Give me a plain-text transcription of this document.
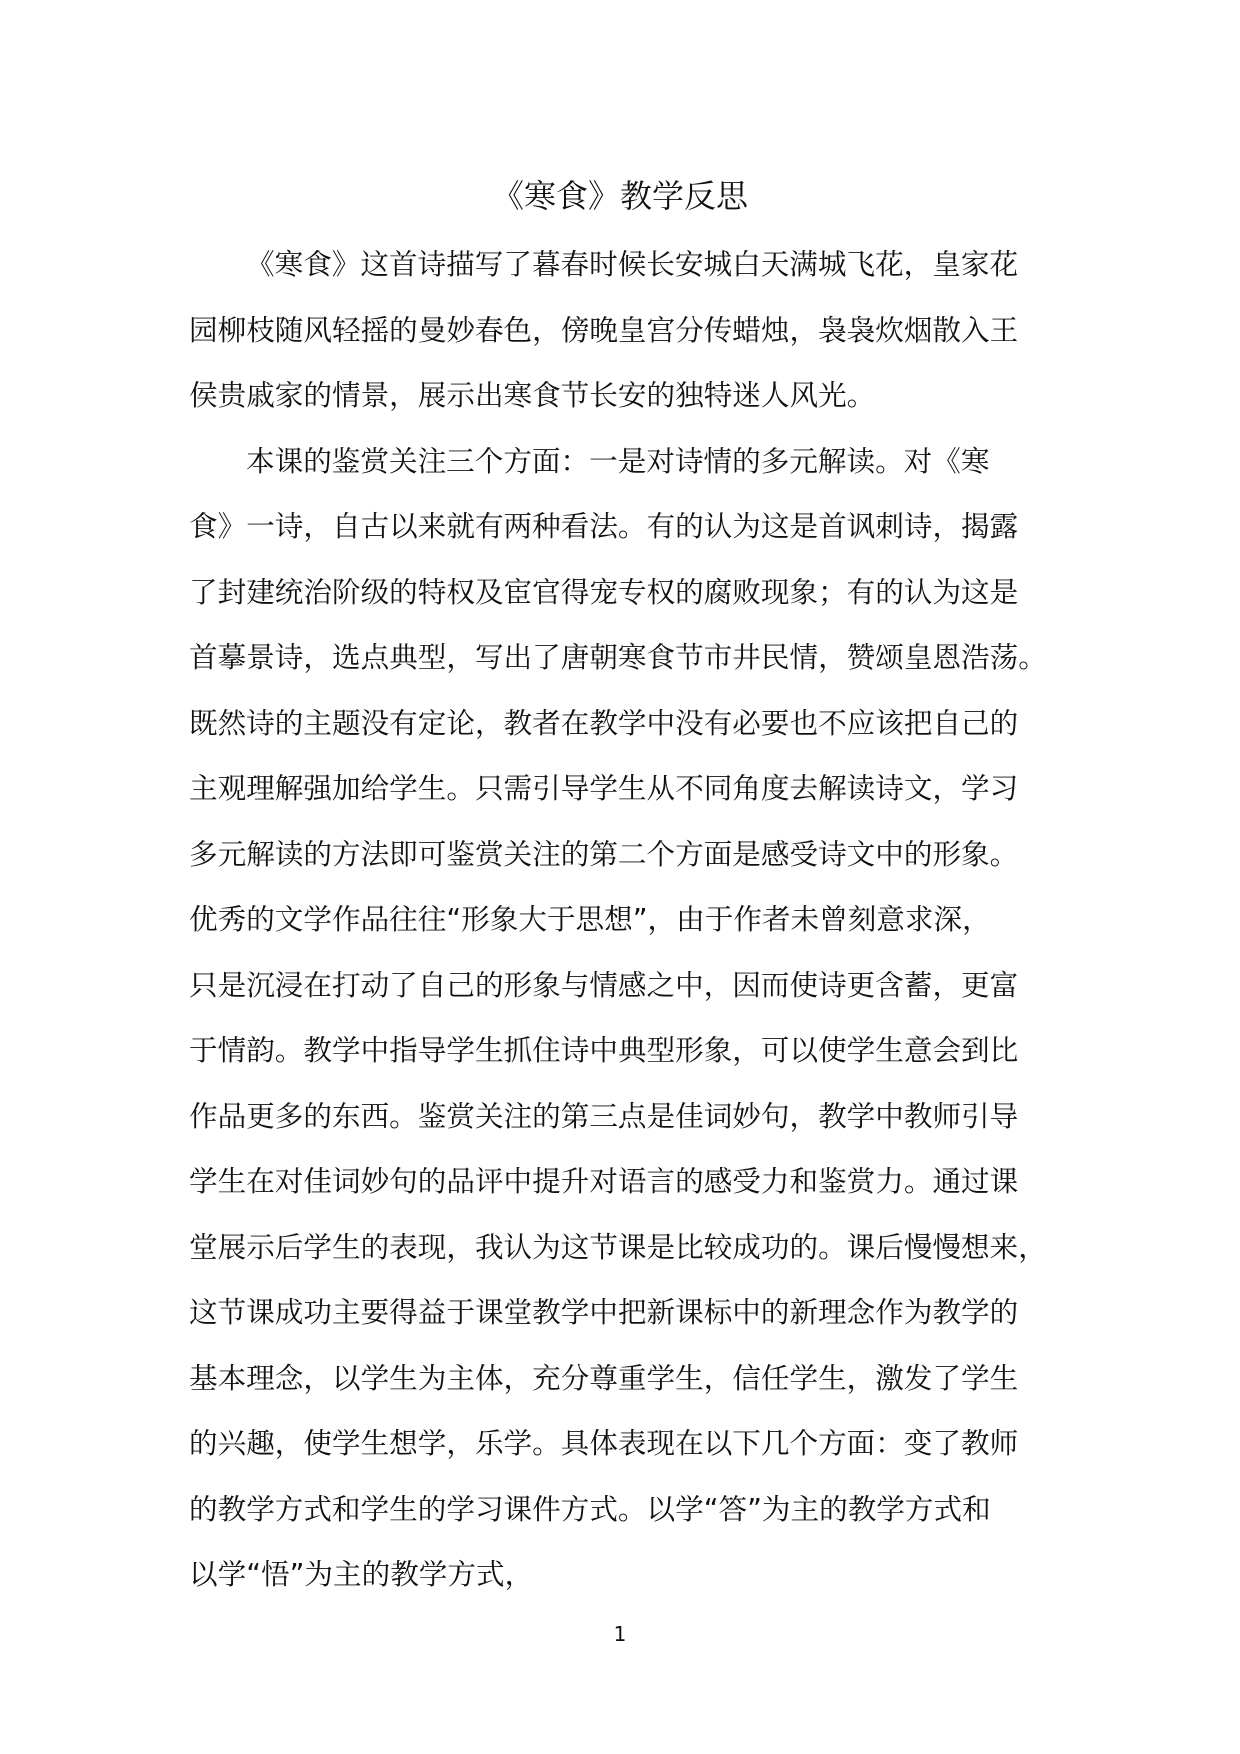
《寒食》教学反思
《寒食》这首诗描写了暮春时候长安城白天满城飞花，皇家花
园柳枝随风轻摇的曼妙春色，傍晚皇宫分传蜡烛，袅袅炊烟散入王
侯贵戚家的情景，展示出寒食节长安的独特迷人风光。
本课的鉴赏关注三个方面：一是对诗情的多元解读。对《寒
食》一诗，自古以来就有两种看法。有的认为这是首讽刺诗，揭露
了封建统治阶级的特权及宦官得宠专权的腐败现象；有的认为这是
首摹景诗，选点典型，写出了唐朝寒食节市井民情，赞颂皇恩浩荡。
既然诗的主题没有定论，教者在教学中没有必要也不应该把自己的
主观理解强加给学生。只需引导学生从不同角度去解读诗文，学习
多元解读的方法即可鉴赏关注的第二个方面是感受诗文中的形象。
优秀的文学作品往往“形象大于思想”，由于作者未曾刻意求深，
只是沉浸在打动了自己的形象与情感之中，因而使诗更含蓄，更富
于情韵。教学中指导学生抓住诗中典型形象，可以使学生意会到比
作品更多的东西。鉴赏关注的第三点是佳词妙句，教学中教师引导
学生在对佳词妙句的品评中提升对语言的感受力和鉴赏力。通过课
堂展示后学生的表现，我认为这节课是比较成功的。课后慢慢想来，
这节课成功主要得益于课堂教学中把新课标中的新理念作为教学的
基本理念，以学生为主体，充分尊重学生，信任学生，激发了学生
的兴趣，使学生想学，乐学。具体表现在以下几个方面：变了教师
的教学方式和学生的学习课件方式。以学“答”为主的教学方式和
以学“悟”为主的教学方式，
1
